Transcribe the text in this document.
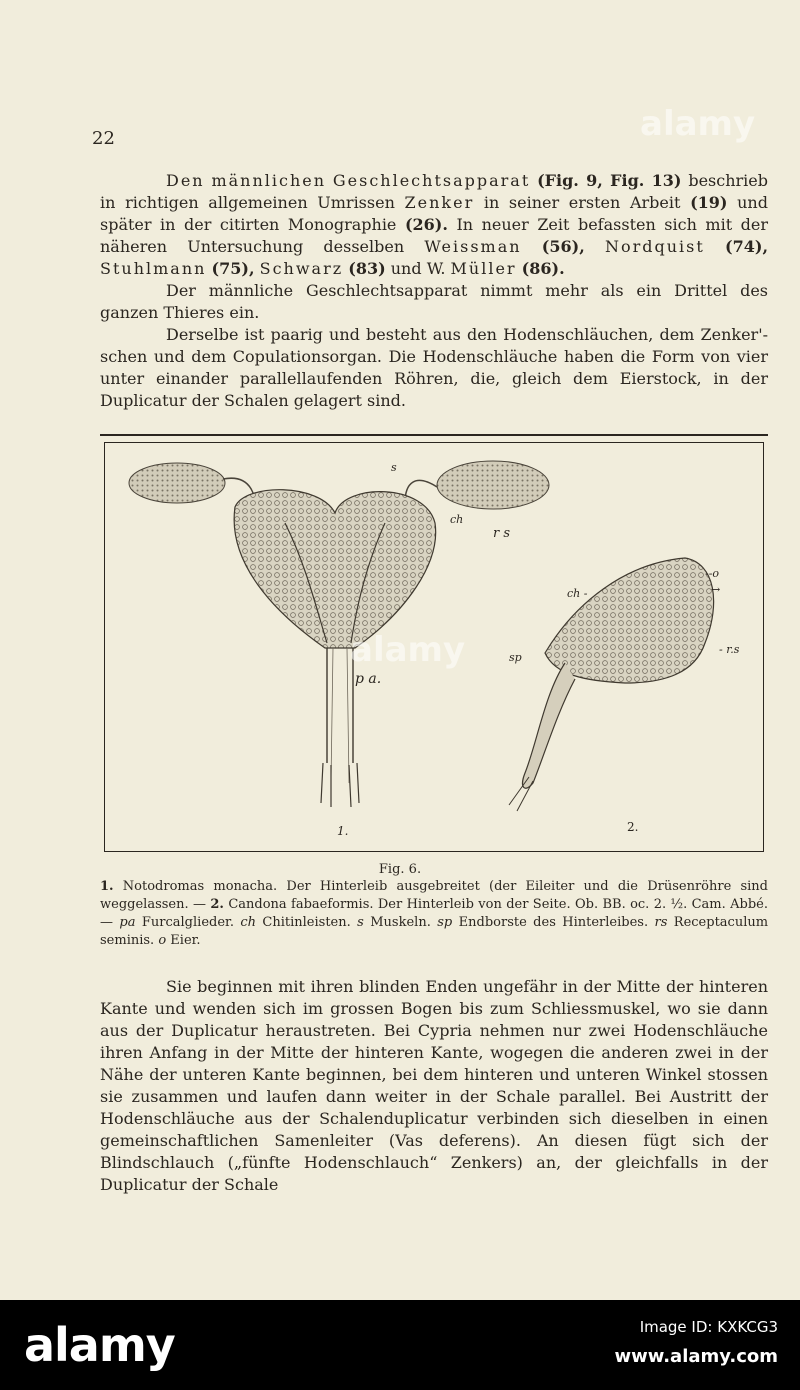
22

Den männlichen Geschlechtsapparat (Fig. 9, Fig. 13) beschrieb in richtigen allgemeinen Umrissen Zenker in seiner ersten Arbeit (19) und später in der citirten Monographie (26). In neuer Zeit befassten sich mit der näheren Untersuchung desselben Weissman (56), Nordquist (74), Stuhlmann (75), Schwarz (83) und W. Müller (86).

Der männliche Geschlechtsapparat nimmt mehr als ein Drittel des ganzen Thieres ein.

Derselbe ist paarig und besteht aus den Hodenschläuchen, dem Zenker'-schen und dem Copulationsorgan. Die Hodenschläuche haben die Form von vier unter einander parallellaufenden Röhren, die, gleich dem Eierstock, in der Duplicatur der Schalen gelagert sind.

s
ch
r s
p a.
--o
→
ch -
- r.s
sp
1.	2.
Fig. 6.
1. Notodromas monacha. Der Hinterleib ausgebreitet (der Eileiter und die Drüsenröhre sind weggelassen. — 2. Candona fabaeformis. Der Hinterleib von der Seite. Ob. BB. oc. 2. ½. Cam. Abbé. — pa Furcalglieder. ch Chitinleisten. s Muskeln. sp Endborste des Hinterleibes. rs Receptaculum seminis. o Eier.

Sie beginnen mit ihren blinden Enden ungefähr in der Mitte der hinteren Kante und wenden sich im grossen Bogen bis zum Schliessmuskel, wo sie dann aus der Duplicatur heraustreten. Bei Cypria nehmen nur zwei Hodenschläuche ihren Anfang in der Mitte der hinteren Kante, wogegen die anderen zwei in der Nähe der unteren Kante beginnen, bei dem hinteren und unteren Winkel stossen sie zusammen und laufen dann weiter in der Schale parallel. Bei Austritt der Hodenschläuche aus der Schalenduplicatur verbinden sich dieselben in einen gemeinschaftlichen Samenleiter (Vas deferens). An diesen fügt sich der Blindschlauch („fünfte Hodenschlauch“ Zenkers) an, der gleichfalls in der Duplicatur der Schale

alamy
alamy
alamy	Image ID: KXKCG3
www.alamy.com
